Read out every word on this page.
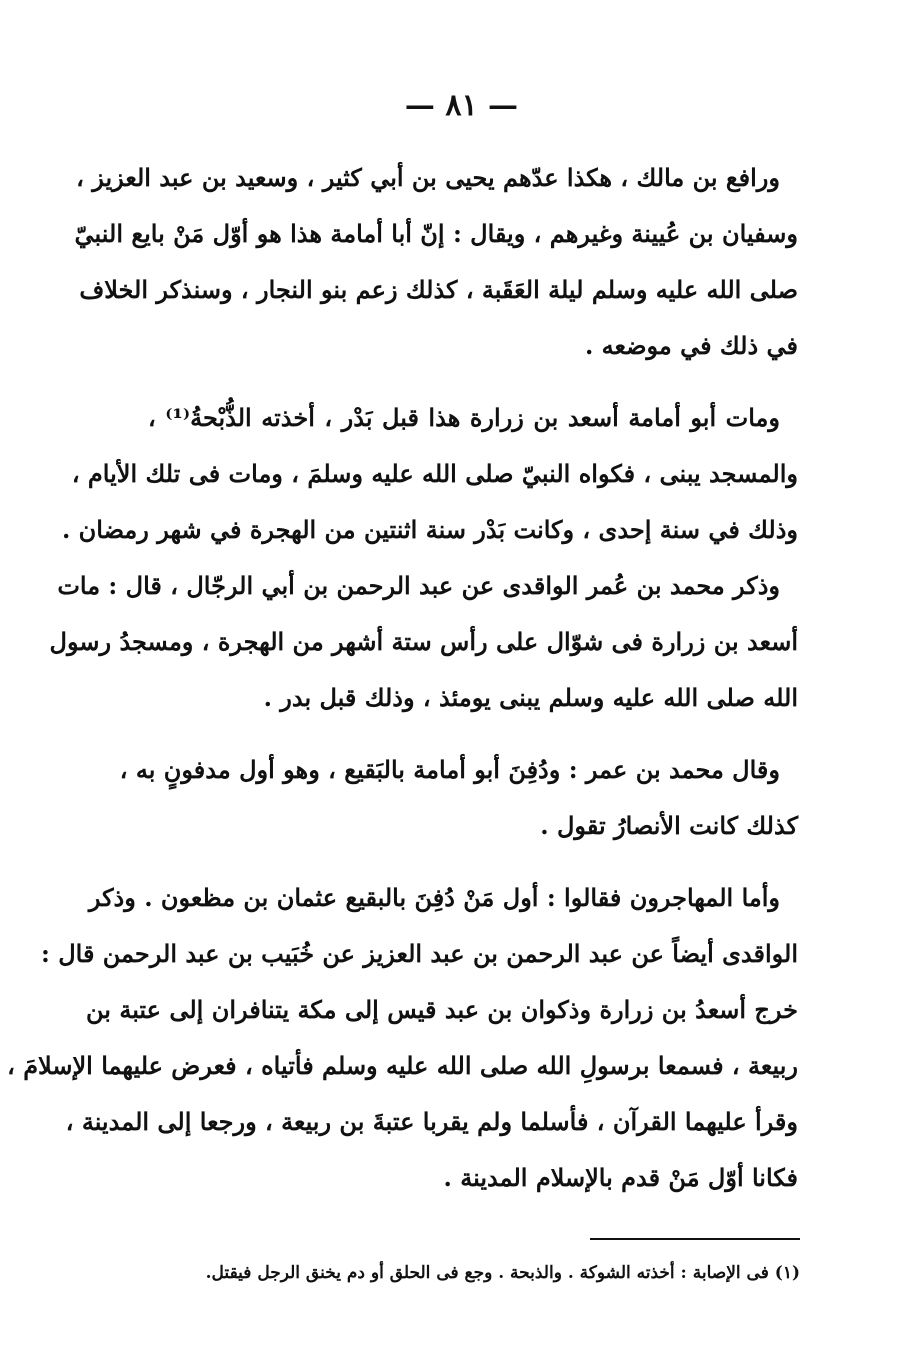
— ٨١ —
ورافع بن مالك ، هكذا عدّهم يحيى بن أبي كثير ، وسعيد بن عبد العزيز ،
وسفيان بن عُيينة وغيرهم ، ويقال : إنّ أبا أمامة هذا هو أوّل مَنْ بايع النبيّ
صلى الله عليه وسلم ليلة العَقَبة ، كذلك زعم بنو النجار ، وسنذكر الخلاف
في ذلك في موضعه .
ومات أبو أمامة أسعد بن زرارة هذا قبل بَدْر ، أخذته الذُّبْحةُ⁽¹⁾ ،
والمسجد يبنى ، فكواه النبيّ صلى الله عليه وسلمَ ، ومات فى تلك الأيام ،
وذلك في سنة إحدى ، وكانت بَدْر سنة اثنتين من الهجرة في شهر رمضان .
وذكر محمد بن عُمر الواقدى عن عبد الرحمن بن أبي الرجّال ، قال : مات
أسعد بن زرارة فى شوّال على رأس ستة أشهر من الهجرة ، ومسجدُ رسول
الله صلى الله عليه وسلم يبنى يومئذ ، وذلك قبل بدر .
وقال محمد بن عمر : ودُفِنَ أبو أمامة بالبَقيع ، وهو أول مدفونٍ به ،
كذلك كانت الأنصارُ تقول .
وأما المهاجرون فقالوا : أول مَنْ دُفِنَ بالبقيع عثمان بن مظعون . وذكر
الواقدى أيضاً عن عبد الرحمن بن عبد العزيز عن خُبَيب بن عبد الرحمن قال :
خرج أسعدُ بن زرارة وذكوان بن عبد قيس إلى مكة يتنافران إلى عتبة بن
ربيعة ، فسمعا برسولِ الله صلى الله عليه وسلم فأتياه ، فعرض عليهما الإسلامَ ،
وقرأ عليهما القرآن ، فأسلما ولم يقربا عتبةَ بن ربيعة ، ورجعا إلى المدينة ،
فكانا أوّل مَنْ قدم بالإسلام المدينة .
(١) فى الإصابة : أخذته الشوكة . والذبحة . وجع فى الحلق أو دم يخنق الرجل فيقتل.
